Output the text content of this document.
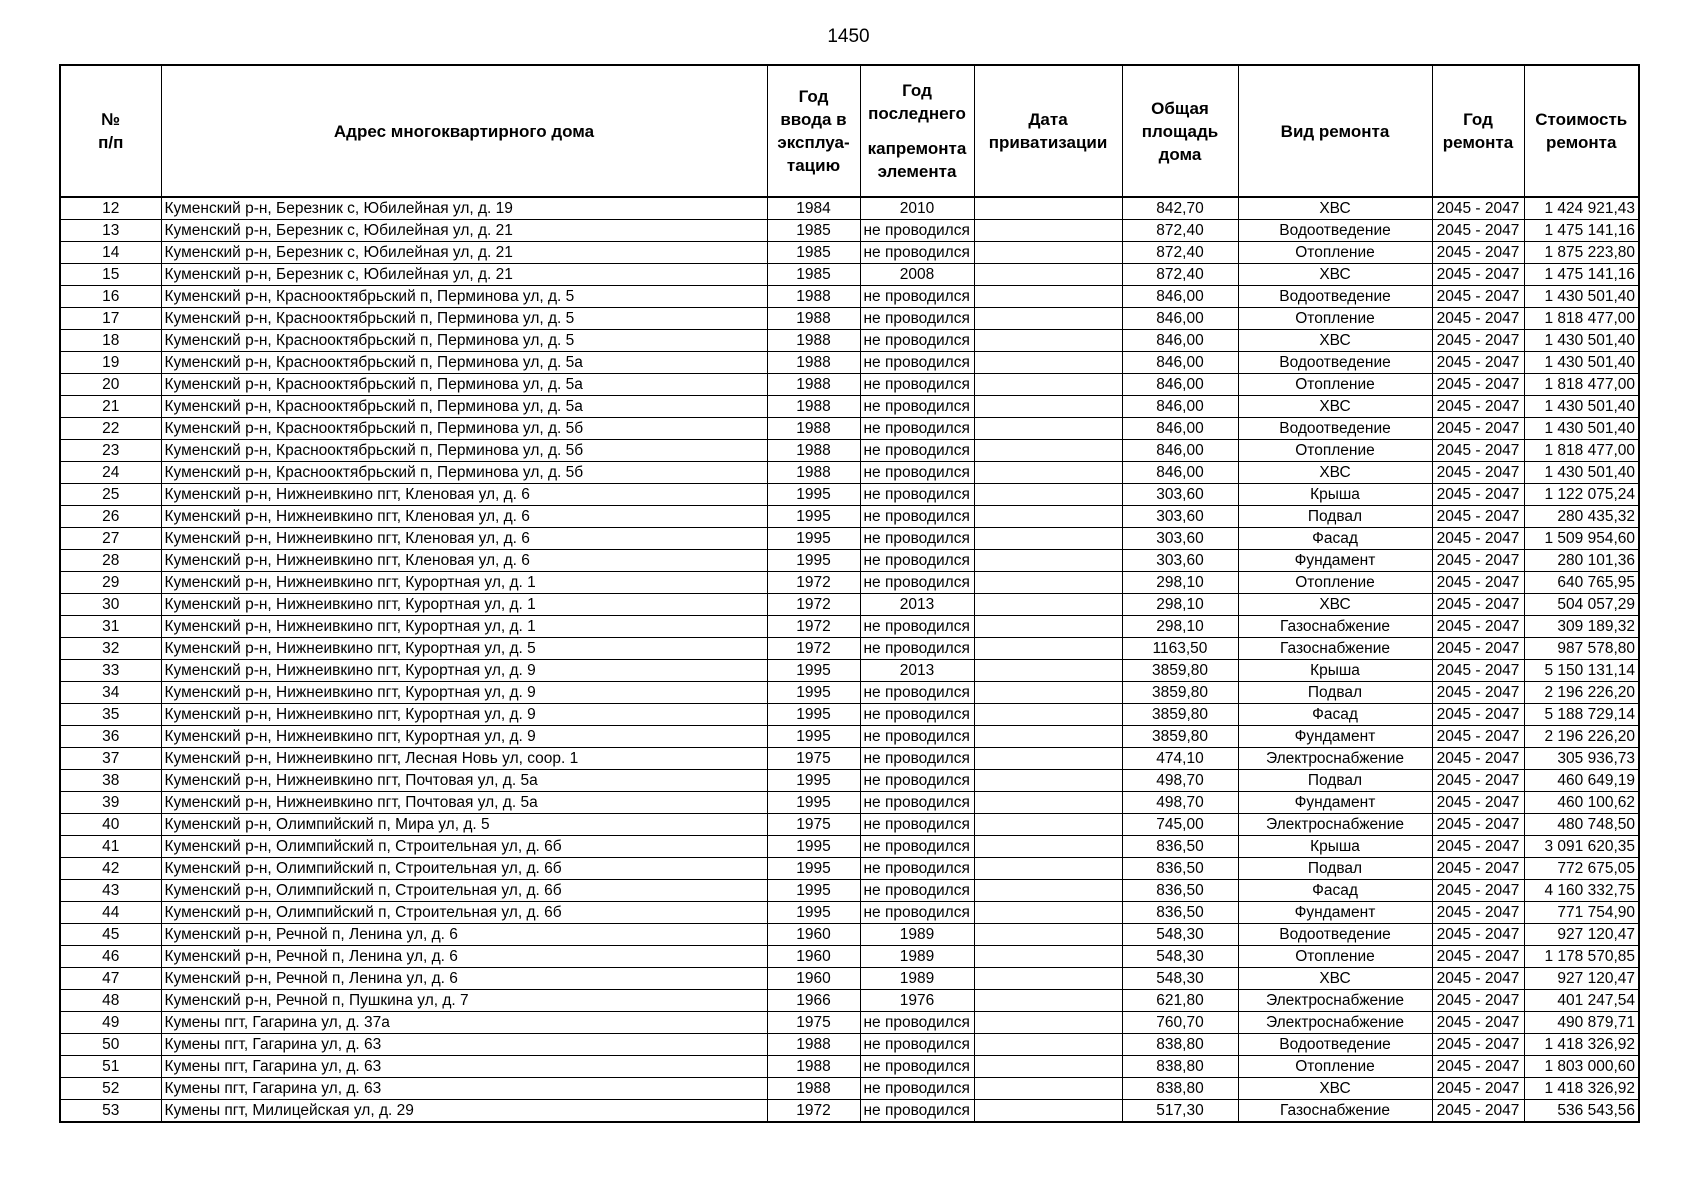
1450
№
п/п	Адрес многоквартирного дома	Год
ввода в
эксплуа-
тацию	Год
последнего
капремонта
элемента	Дата
приватизации	Общая
площадь
дома	Вид ремонта	Год
ремонта	Стоимость
ремонта

12	Куменский р-н, Березник с, Юбилейная ул, д. 19	1984	2010		842,70	ХВС	2045 - 2047	1 424 921,43
13	Куменский р-н, Березник с, Юбилейная ул, д. 21	1985	не проводился		872,40	Водоотведение	2045 - 2047	1 475 141,16
14	Куменский р-н, Березник с, Юбилейная ул, д. 21	1985	не проводился		872,40	Отопление	2045 - 2047	1 875 223,80
15	Куменский р-н, Березник с, Юбилейная ул, д. 21	1985	2008		872,40	ХВС	2045 - 2047	1 475 141,16
16	Куменский р-н, Краснооктябрьский п, Перминова ул, д. 5	1988	не проводился		846,00	Водоотведение	2045 - 2047	1 430 501,40
17	Куменский р-н, Краснооктябрьский п, Перминова ул, д. 5	1988	не проводился		846,00	Отопление	2045 - 2047	1 818 477,00
18	Куменский р-н, Краснооктябрьский п, Перминова ул, д. 5	1988	не проводился		846,00	ХВС	2045 - 2047	1 430 501,40
19	Куменский р-н, Краснооктябрьский п, Перминова ул, д. 5а	1988	не проводился		846,00	Водоотведение	2045 - 2047	1 430 501,40
20	Куменский р-н, Краснооктябрьский п, Перминова ул, д. 5а	1988	не проводился		846,00	Отопление	2045 - 2047	1 818 477,00
21	Куменский р-н, Краснооктябрьский п, Перминова ул, д. 5а	1988	не проводился		846,00	ХВС	2045 - 2047	1 430 501,40
22	Куменский р-н, Краснооктябрьский п, Перминова ул, д. 5б	1988	не проводился		846,00	Водоотведение	2045 - 2047	1 430 501,40
23	Куменский р-н, Краснооктябрьский п, Перминова ул, д. 5б	1988	не проводился		846,00	Отопление	2045 - 2047	1 818 477,00
24	Куменский р-н, Краснооктябрьский п, Перминова ул, д. 5б	1988	не проводился		846,00	ХВС	2045 - 2047	1 430 501,40
25	Куменский р-н, Нижнеивкино пгт, Кленовая ул, д. 6	1995	не проводился		303,60	Крыша	2045 - 2047	1 122 075,24
26	Куменский р-н, Нижнеивкино пгт, Кленовая ул, д. 6	1995	не проводился		303,60	Подвал	2045 - 2047	280 435,32
27	Куменский р-н, Нижнеивкино пгт, Кленовая ул, д. 6	1995	не проводился		303,60	Фасад	2045 - 2047	1 509 954,60
28	Куменский р-н, Нижнеивкино пгт, Кленовая ул, д. 6	1995	не проводился		303,60	Фундамент	2045 - 2047	280 101,36
29	Куменский р-н, Нижнеивкино пгт, Курортная ул, д. 1	1972	не проводился		298,10	Отопление	2045 - 2047	640 765,95
30	Куменский р-н, Нижнеивкино пгт, Курортная ул, д. 1	1972	2013		298,10	ХВС	2045 - 2047	504 057,29
31	Куменский р-н, Нижнеивкино пгт, Курортная ул, д. 1	1972	не проводился		298,10	Газоснабжение	2045 - 2047	309 189,32
32	Куменский р-н, Нижнеивкино пгт, Курортная ул, д. 5	1972	не проводился		1163,50	Газоснабжение	2045 - 2047	987 578,80
33	Куменский р-н, Нижнеивкино пгт, Курортная ул, д. 9	1995	2013		3859,80	Крыша	2045 - 2047	5 150 131,14
34	Куменский р-н, Нижнеивкино пгт, Курортная ул, д. 9	1995	не проводился		3859,80	Подвал	2045 - 2047	2 196 226,20
35	Куменский р-н, Нижнеивкино пгт, Курортная ул, д. 9	1995	не проводился		3859,80	Фасад	2045 - 2047	5 188 729,14
36	Куменский р-н, Нижнеивкино пгт, Курортная ул, д. 9	1995	не проводился		3859,80	Фундамент	2045 - 2047	2 196 226,20
37	Куменский р-н, Нижнеивкино пгт, Лесная Новь ул, соор. 1	1975	не проводился		474,10	Электроснабжение	2045 - 2047	305 936,73
38	Куменский р-н, Нижнеивкино пгт, Почтовая ул, д. 5а	1995	не проводился		498,70	Подвал	2045 - 2047	460 649,19
39	Куменский р-н, Нижнеивкино пгт, Почтовая ул, д. 5а	1995	не проводился		498,70	Фундамент	2045 - 2047	460 100,62
40	Куменский р-н, Олимпийский п, Мира ул, д. 5	1975	не проводился		745,00	Электроснабжение	2045 - 2047	480 748,50
41	Куменский р-н, Олимпийский п, Строительная ул, д. 6б	1995	не проводился		836,50	Крыша	2045 - 2047	3 091 620,35
42	Куменский р-н, Олимпийский п, Строительная ул, д. 6б	1995	не проводился		836,50	Подвал	2045 - 2047	772 675,05
43	Куменский р-н, Олимпийский п, Строительная ул, д. 6б	1995	не проводился		836,50	Фасад	2045 - 2047	4 160 332,75
44	Куменский р-н, Олимпийский п, Строительная ул, д. 6б	1995	не проводился		836,50	Фундамент	2045 - 2047	771 754,90
45	Куменский р-н, Речной п, Ленина ул, д. 6	1960	1989		548,30	Водоотведение	2045 - 2047	927 120,47
46	Куменский р-н, Речной п, Ленина ул, д. 6	1960	1989		548,30	Отопление	2045 - 2047	1 178 570,85
47	Куменский р-н, Речной п, Ленина ул, д. 6	1960	1989		548,30	ХВС	2045 - 2047	927 120,47
48	Куменский р-н, Речной п, Пушкина ул, д. 7	1966	1976		621,80	Электроснабжение	2045 - 2047	401 247,54
49	Кумены пгт, Гагарина ул, д. 37а	1975	не проводился		760,70	Электроснабжение	2045 - 2047	490 879,71
50	Кумены пгт, Гагарина ул, д. 63	1988	не проводился		838,80	Водоотведение	2045 - 2047	1 418 326,92
51	Кумены пгт, Гагарина ул, д. 63	1988	не проводился		838,80	Отопление	2045 - 2047	1 803 000,60
52	Кумены пгт, Гагарина ул, д. 63	1988	не проводился		838,80	ХВС	2045 - 2047	1 418 326,92
53	Кумены пгт, Милицейская ул, д. 29	1972	не проводился		517,30	Газоснабжение	2045 - 2047	536 543,56
